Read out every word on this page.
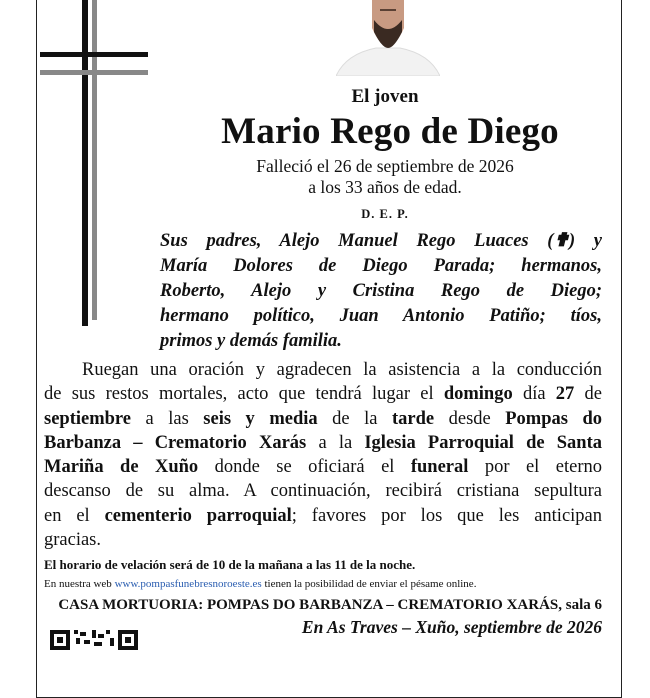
El joven
Mario Rego de Diego
Falleció el 26 de septiembre de 2026
a los 33 años de edad.
D. E. P.
Sus padres, Alejo Manuel Rego Luaces (✟) y
María Dolores de Diego Parada; hermanos,
Roberto, Alejo y Cristina Rego de Diego;
hermano político, Juan Antonio Patiño; tíos,
primos y demás familia.
Ruegan una oración y agradecen la asistencia a la conducción
de sus restos mortales, acto que tendrá lugar el domingo día 27 de
septiembre a las seis y media de la tarde desde Pompas do
Barbanza – Crematorio Xarás a la Iglesia Parroquial de Santa
Mariña de Xuño donde se oficiará el funeral por el eterno
descanso de su alma. A continuación, recibirá cristiana sepultura
en el cementerio parroquial; favores por los que les anticipan
gracias.
El horario de velación será de 10 de la mañana a las 11 de la noche.
En nuestra web www.pompasfunebresnoroeste.es tienen la posibilidad de enviar el pésame online.
CASA MORTUORIA: POMPAS DO BARBANZA – CREMATORIO XARÁS, sala 6
En As Traves – Xuño, septiembre de 2026
